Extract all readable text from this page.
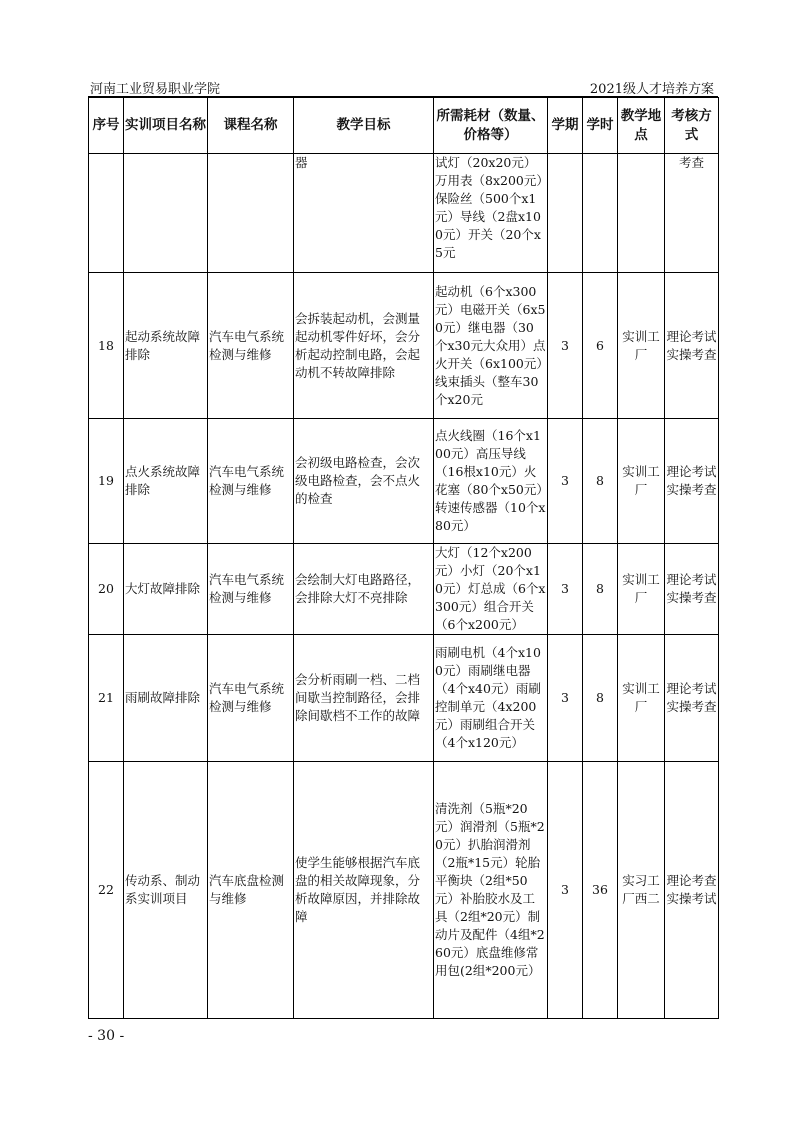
河南工业贸易职业学院	2021级人才培养方案
序号	实训项目名称	课程名称	教学目标	所需耗材（数量、价格等）	学期	学时	教学地点	考核方式
			器	试灯（20x20元）万用表（8x200元）保险丝（500个x1元）导线（2盘x100元）开关（20个x5元				考查
18	起动系统故障排除	汽车电气系统检测与维修	会拆装起动机，会测量起动机零件好坏，会分析起动控制电路，会起动机不转故障排除	起动机（6个x300元）电磁开关（6x50元）继电器（30个x30元大众用）点火开关（6x100元）线束插头（整车30个x20元	3	6	实训工厂	理论考试实操考查
19	点火系统故障排除	汽车电气系统检测与维修	会初级电路检查，会次级电路检查，会不点火的检查	点火线圈（16个x100元）高压导线（16根x10元）火花塞（80个x50元）转速传感器（10个x80元）	3	8	实训工厂	理论考试实操考查
20	大灯故障排除	汽车电气系统检测与维修	会绘制大灯电路路径，会排除大灯不亮排除	大灯（12个x200元）小灯（20个x10元）灯总成（6个x300元）组合开关（6个x200元）	3	8	实训工厂	理论考试实操考查
21	雨刷故障排除	汽车电气系统检测与维修	会分析雨刷一档、二档间歇当控制路径，会排除间歇档不工作的故障	雨刷电机（4个x100元）雨刷继电器（4个x40元）雨刷控制单元（4x200元）雨刷组合开关（4个x120元）	3	8	实训工厂	理论考试实操考查
22	传动系、制动系实训项目	汽车底盘检测与维修	使学生能够根据汽车底盘的相关故障现象，分析故障原因，并排除故障	清洗剂（5瓶*20元）润滑剂（5瓶*20元）扒胎润滑剂（2瓶*15元）轮胎平衡块（2组*50元）补胎胶水及工具（2组*20元）制动片及配件（4组*260元）底盘维修常用包(2组*200元）	3	36	实习工厂西二	理论考查实操考试
- 30 -
